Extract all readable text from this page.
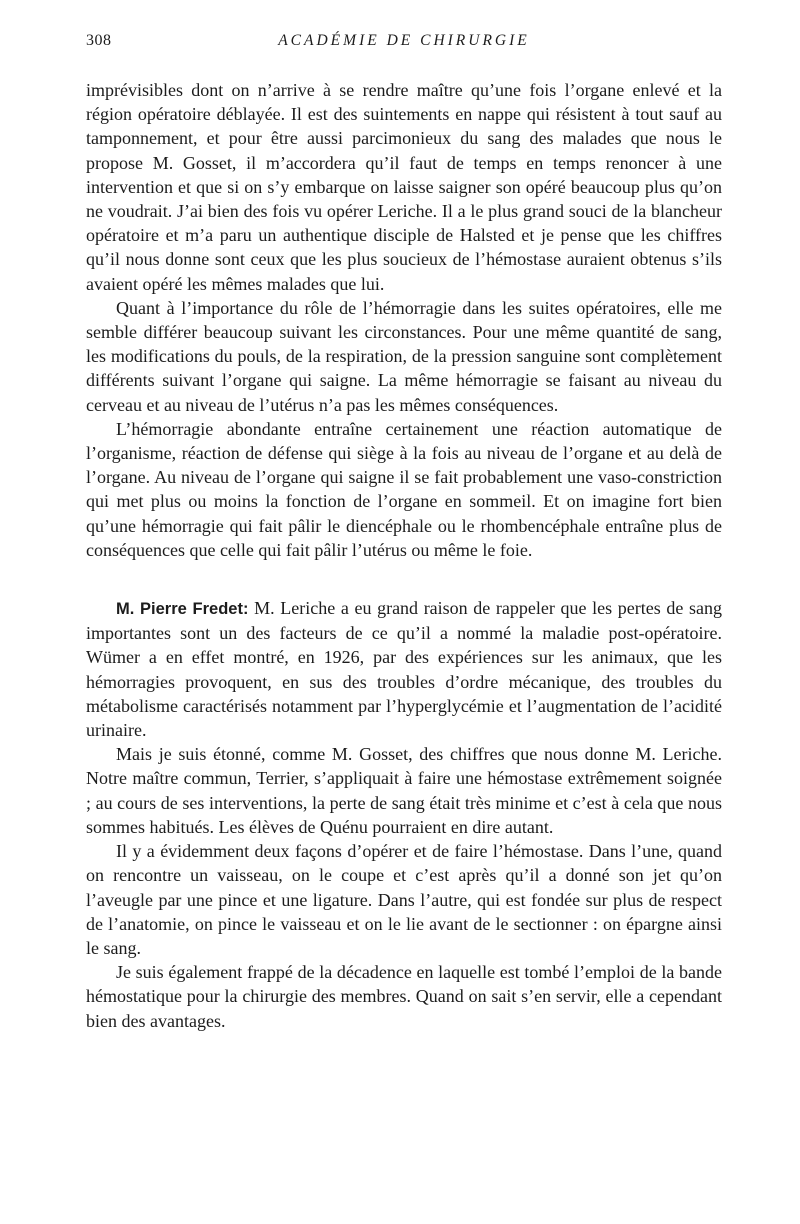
308	ACADÉMIE DE CHIRURGIE

imprévisibles dont on n’arrive à se rendre maître qu’une fois l’organe enlevé et la région opératoire déblayée. Il est des suintements en nappe qui résistent à tout sauf au tamponnement, et pour être aussi parcimonieux du sang des malades que nous le propose M. Gosset, il m’accordera qu’il faut de temps en temps renoncer à une intervention et que si on s’y embarque on laisse saigner son opéré beaucoup plus qu’on ne voudrait. J’ai bien des fois vu opérer Leriche. Il a le plus grand souci de la blancheur opératoire et m’a paru un authentique disciple de Halsted et je pense que les chiffres qu’il nous donne sont ceux que les plus soucieux de l’hémostase auraient obtenus s’ils avaient opéré les mêmes malades que lui.

Quant à l’importance du rôle de l’hémorragie dans les suites opératoires, elle me semble différer beaucoup suivant les circonstances. Pour une même quantité de sang, les modifications du pouls, de la respiration, de la pression sanguine sont complètement différents suivant l’organe qui saigne. La même hémorragie se faisant au niveau du cerveau et au niveau de l’utérus n’a pas les mêmes conséquences.

L’hémorragie abondante entraîne certainement une réaction automatique de l’organisme, réaction de défense qui siège à la fois au niveau de l’organe et au delà de l’organe. Au niveau de l’organe qui saigne il se fait probablement une vaso-constriction qui met plus ou moins la fonction de l’organe en sommeil. Et on imagine fort bien qu’une hémorragie qui fait pâlir le diencéphale ou le rhombencéphale entraîne plus de conséquences que celle qui fait pâlir l’utérus ou même le foie.

M. Pierre Fredet: M. Leriche a eu grand raison de rappeler que les pertes de sang importantes sont un des facteurs de ce qu’il a nommé la maladie post-opératoire. Wümer a en effet montré, en 1926, par des expériences sur les animaux, que les hémorragies provoquent, en sus des troubles d’ordre mécanique, des troubles du métabolisme caractérisés notamment par l’hyperglycémie et l’augmentation de l’acidité urinaire.

Mais je suis étonné, comme M. Gosset, des chiffres que nous donne M. Leriche. Notre maître commun, Terrier, s’appliquait à faire une hémostase extrêmement soignée ; au cours de ses interventions, la perte de sang était très minime et c’est à cela que nous sommes habitués. Les élèves de Quénu pourraient en dire autant.

Il y a évidemment deux façons d’opérer et de faire l’hémostase. Dans l’une, quand on rencontre un vaisseau, on le coupe et c’est après qu’il a donné son jet qu’on l’aveugle par une pince et une ligature. Dans l’autre, qui est fondée sur plus de respect de l’anatomie, on pince le vaisseau et on le lie avant de le sectionner : on épargne ainsi le sang.

Je suis également frappé de la décadence en laquelle est tombé l’emploi de la bande hémostatique pour la chirurgie des membres. Quand on sait s’en servir, elle a cependant bien des avantages.
